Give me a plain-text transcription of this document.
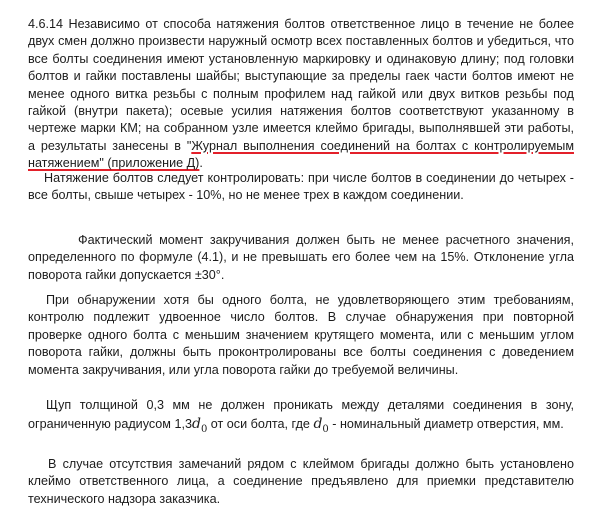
4.6.14 Независимо от способа натяжения болтов ответственное лицо в течение не более двух смен должно произвести наружный осмотр всех поставленных болтов и убедиться, что все болты соединения имеют установленную маркировку и одинаковую длину; под головки болтов и гайки поставлены шайбы; выступающие за пределы гаек части болтов имеют не менее одного витка резьбы с полным профилем над гайкой или двух витков резьбы под гайкой (внутри пакета); осевые усилия натяжения болтов соответствуют указанному в чертеже марки КМ; на собранном узле имеется клеймо бригады, выполнявшей эти работы, а результаты занесены в "Журнал выполнения соединений на болтах с контролируемым натяжением" (приложение Д).

Натяжение болтов следует контролировать: при числе болтов в соединении до четырех - все болты, свыше четырех - 10%, но не менее трех в каждом соединении.

Фактический момент закручивания должен быть не менее расчетного значения, определенного по формуле (4.1), и не превышать его более чем на 15%. Отклонение угла поворота гайки допускается ±30°.

При обнаружении хотя бы одного болта, не удовлетворяющего этим требованиям, контролю подлежит удвоенное число болтов. В случае обнаружения при повторной проверке одного болта с меньшим значением крутящего момента, или с меньшим углом поворота гайки, должны быть проконтролированы все болты соединения с доведением момента закручивания, или угла поворота гайки до требуемой величины.

Щуп толщиной 0,3 мм не должен проникать между деталями соединения в зону, ограниченную радиусом $1,3d_0$ от оси болта, где $d_0$ - номинальный диаметр отверстия, мм.

В случае отсутствия замечаний рядом с клеймом бригады должно быть установлено клеймо ответственного лица, а соединение предъявлено для приемки представителю технического надзора заказчика.
